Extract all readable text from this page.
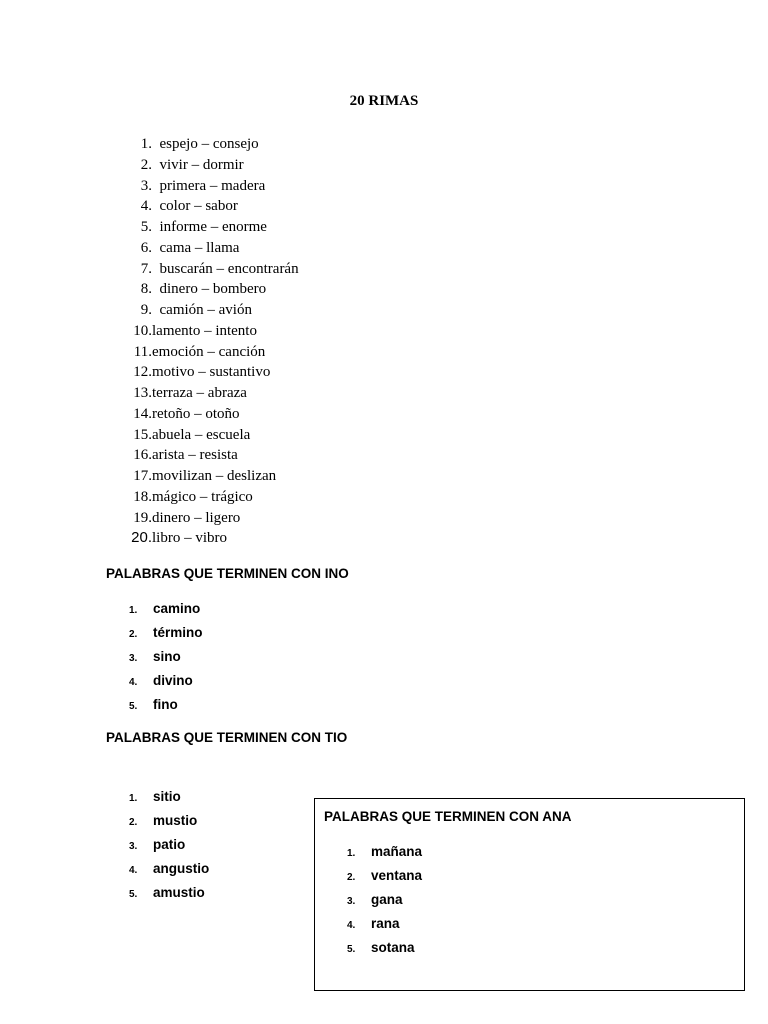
20 RIMAS
1. espejo – consejo
2. vivir – dormir
3. primera – madera
4. color – sabor
5. informe – enorme
6. cama – llama
7. buscarán – encontrarán
8. dinero – bombero
9. camión – avión
10.lamento – intento
11.emoción – canción
12.motivo – sustantivo
13.terraza – abraza
14.retoño – otoño
15.abuela – escuela
16.arista – resista
17.movilizan – deslizan
18.mágico – trágico
19.dinero – ligero
20.libro – vibro
PALABRAS QUE TERMINEN CON INO
1. camino
2. término
3. sino
4. divino
5. fino
PALABRAS QUE TERMINEN CON TIO
1. sitio
2. mustio
3. patio
4. angustio
5. amustio
PALABRAS QUE TERMINEN CON ANA
1. mañana
2. ventana
3. gana
4. rana
5. sotana
